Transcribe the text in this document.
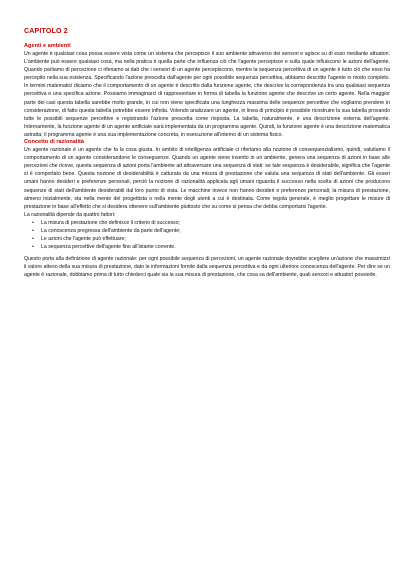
CAPITOLO 2
Agenti e ambienti

Un agente è qualsiasi cosa possa essere vista come un sistema che percepisce il suo ambiente attraverso dei sensori e agisce su di esso mediante attuatori. L'ambiente può essere qualsiasi cosa, ma nella pratica è quella parte che influenza ciò che l'agente percepisce e sulla quale influiscono le azioni dell'agente. Quando parliamo di percezione ci riferiamo ai dati che i sensori di un agente percepiscono, mentre la sequenza percettiva di un agente è tutto ciò che esso ha percepito nella sua esistenza. Specificando l'azione prescelta dall'agente per ogni possibile sequenza percettiva, abbiamo descritto l'agente in modo completo. In termini matematici diciamo che il comportamento di un agente è descritto dalla funzione agente, che descrive la corrispondenza tra una qualsiasi sequenza percettiva e una specifica azione. Possiamo immaginarci di rappresentare in forma di tabella la funzione agente che descrive un certo agente. Nella maggior parte dei casi questa tabella sarebbe molto grande, in cui non viene specificata una lunghezza massima delle sequenze percettive che vogliamo prendere in considerazione, di fatto questa tabella potrebbe essere infinita. Volendo analizzare un agente, in linea di principio è possibile ricostruire la sua tabella provando tutte le possibili sequenze percettive e registrando l'azione prescelta come risposta. La tabella, naturalmente, è una descrizione esterna dell'agente. Internamente, la funzione agente di un agente artificiale sarà implementata da un programma agente. Quindi, la funzione agente è una descrizione matematica astratta; il programma agente è una sua implementazione concreta, in esecuzione all'interno di un sistema fisico.

Concetto di razionalità

Un agente razionale è un agente che fa la cosa giusta. In ambito di intelligenza artificiale ci riferiamo alla nozione di consequenzialismo, quindi, valutiamo il comportamento di un agente considerandone le conseguenze. Quando un agente viene inserito in un ambiente, genera una sequenza di azioni in base alle percezioni che riceve, questa sequenza di azioni porta l'ambiente ad attraversare una sequenza di stati: se tale sequenza è desiderabile, significa che l'agente si è comportato bene. Questa nozione di desiderabilità è catturata da una misura di prestazione che valuta una sequenza di stati dell'ambiente. Gli esseri umani hanno desideri e preferenze personali, perciò la nozione di razionalità applicata agli umani riguarda il successo nella scelta di azioni che producono sequenze di stati dell'ambiente desiderabili dal loro punto di vista. Le macchine invece non hanno desideri e preferenze personali; la misura di prestazione, almeno inizialmente, sta nella mente del progettista o nella mente degli utenti a cui è destinata. Come regola generale, è meglio progettare le misure di prestazione in base all'effetto che si desidera ottenere sull'ambiente piuttosto che su come si pensa che debba comportarsi l'agente.

La razionalità dipende da quattro fattori:

• La misura di prestazione che definisce il criterio di successo;
• La conoscenza pregressa dell'ambiente da parte dell'agente;
• Le azioni che l'agente può effettuare;
• La sequenza percettive dell'agente fino all'istante corrente.

Questo porta alla definizione di agente razionale: per ogni possibile sequenza di percezioni, un agente razionale dovrebbe scegliere un'azione che massimizzi il valore atteso della sua misura di prestazione, dato le informazioni fornite dalla sequenza percettiva e da ogni ulteriore conoscenza dell'agente. Per dire se un agente è razionale, dobbiamo prima di tutto chiederci quale sia la sua misura di prestazione, che cosa sa dell'ambiente, quali sensori e attuatori possiede.
